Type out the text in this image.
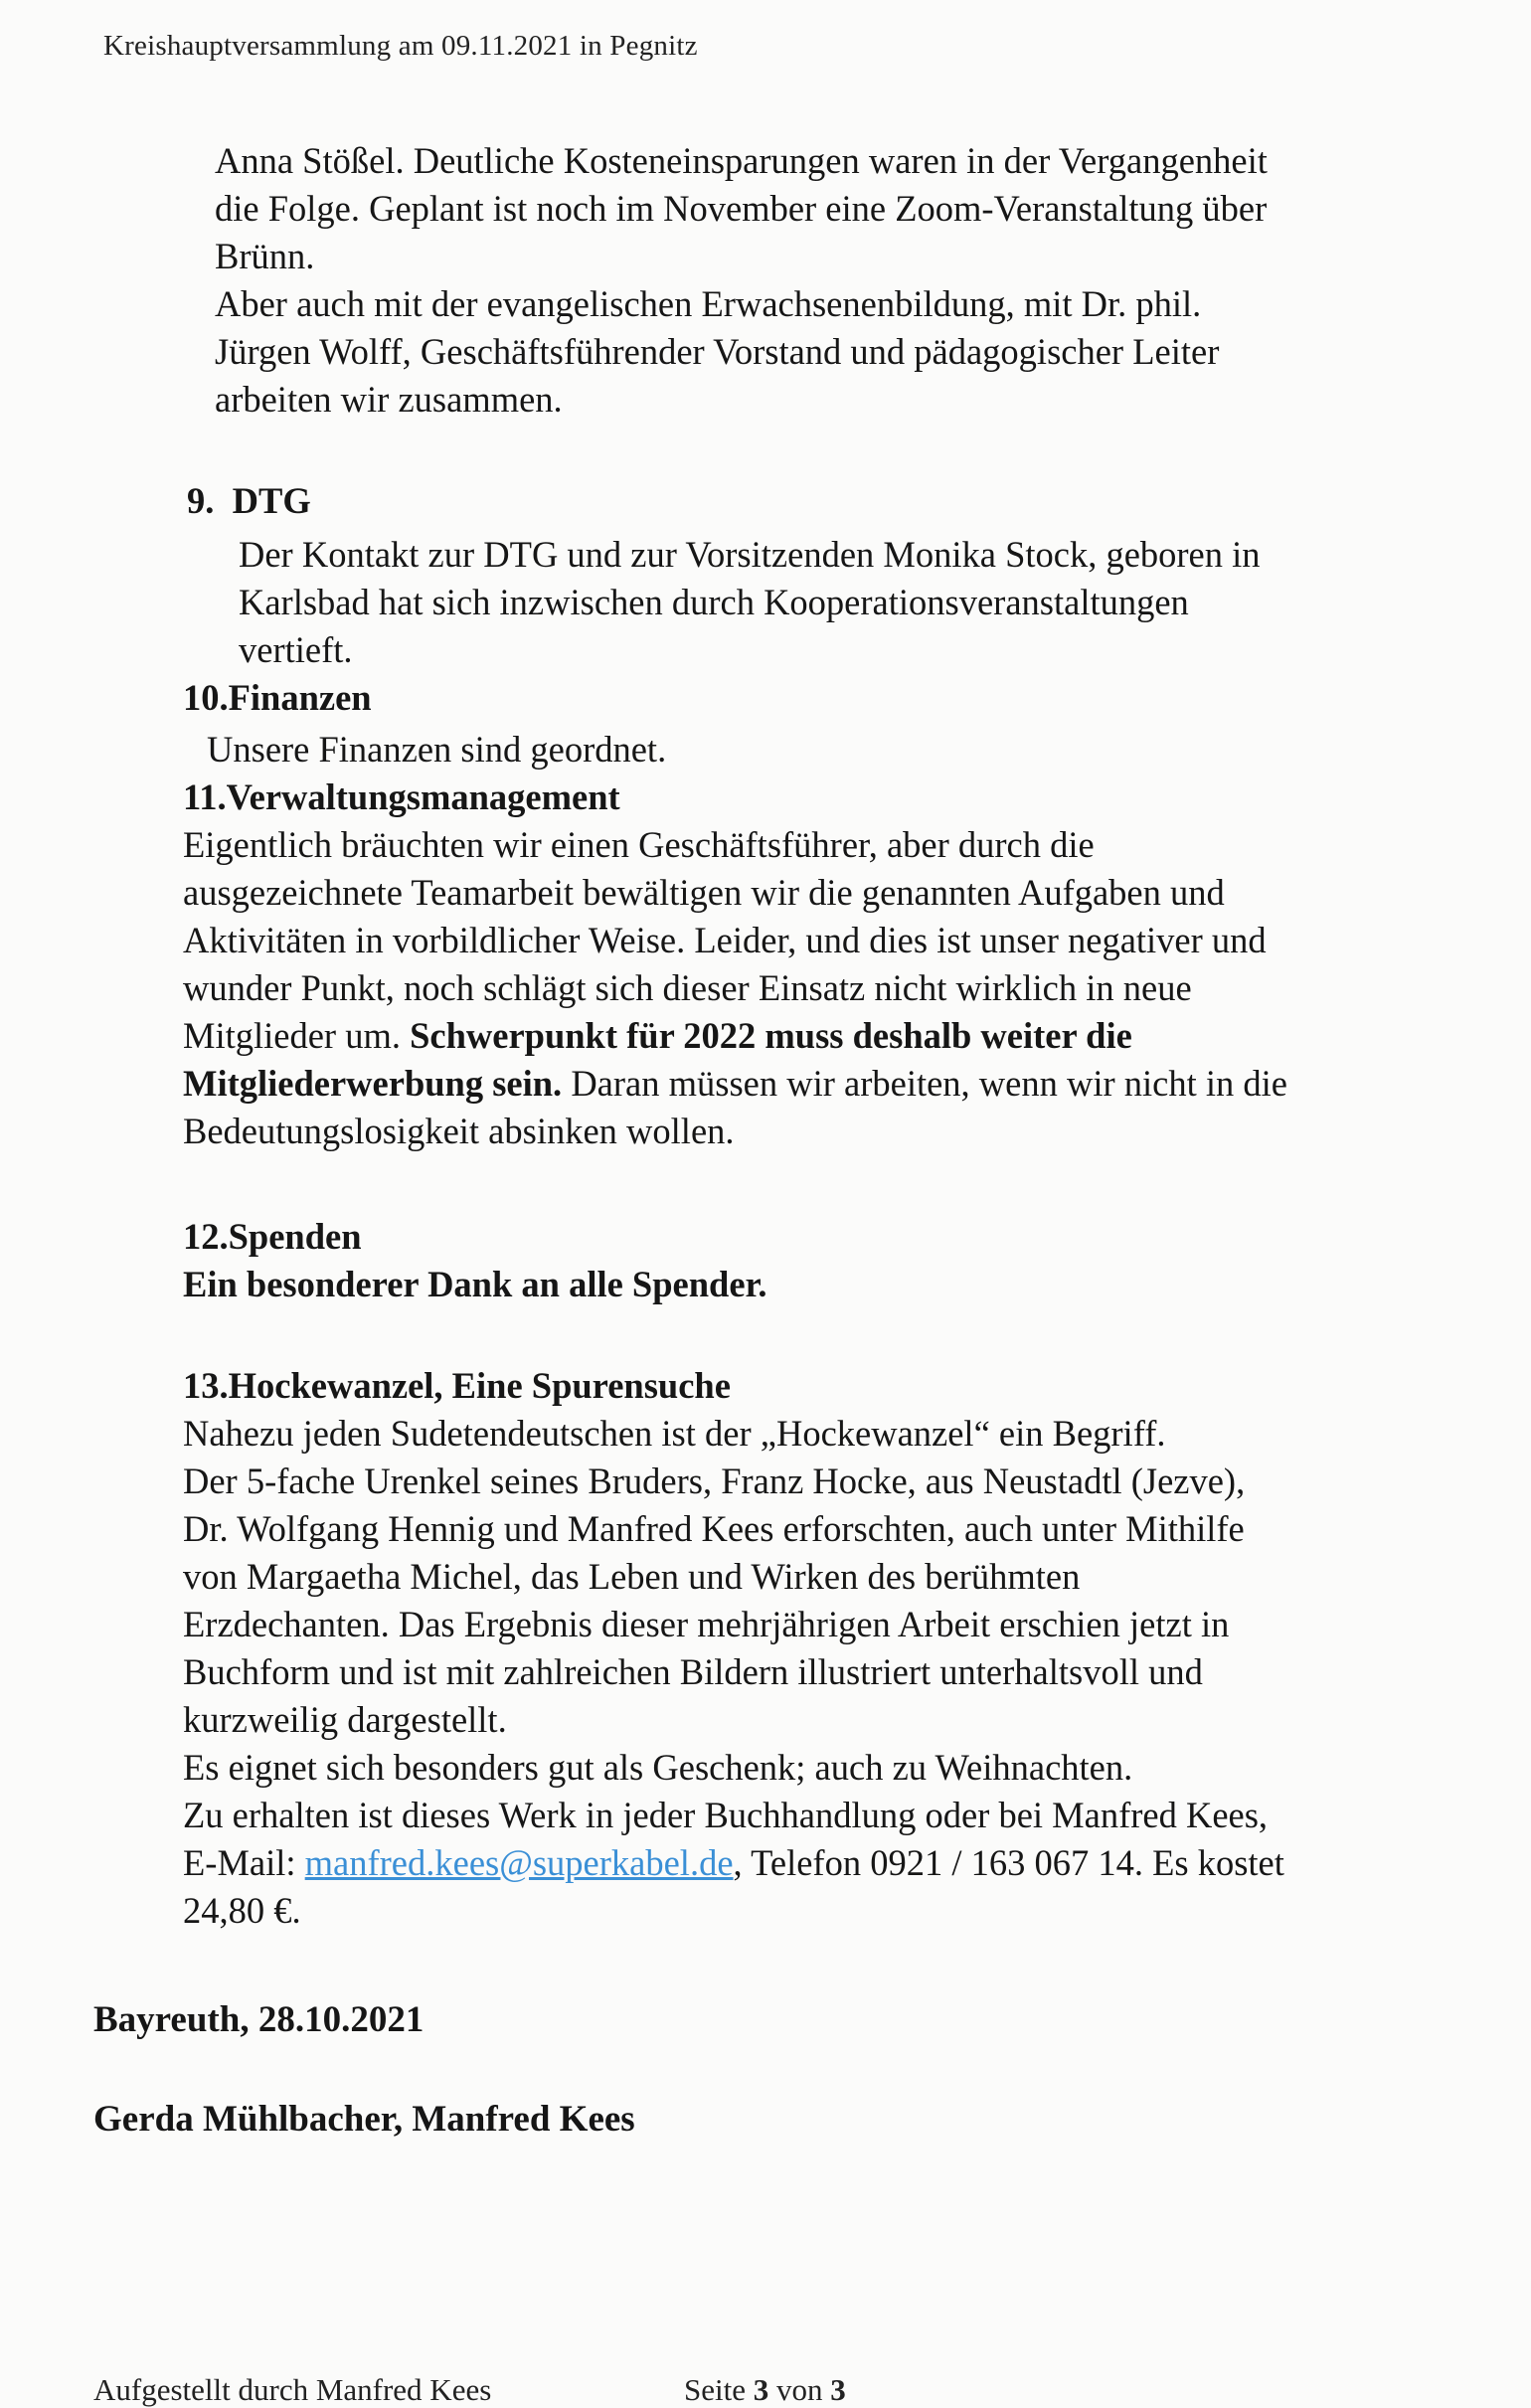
Kreishauptversammlung am 09.11.2021 in Pegnitz

Anna Stößel. Deutliche Kosteneinsparungen waren in der Vergangenheit

die Folge. Geplant ist noch im November eine Zoom-Veranstaltung über

Brünn.

Aber auch mit der evangelischen Erwachsenenbildung, mit Dr. phil.

Jürgen Wolff, Geschäftsführender Vorstand und pädagogischer Leiter

arbeiten wir zusammen.

9.  DTG

Der Kontakt zur DTG und zur Vorsitzenden Monika Stock, geboren in

Karlsbad hat sich inzwischen durch Kooperationsveranstaltungen

vertieft.

10.Finanzen

Unsere Finanzen sind geordnet.

11.Verwaltungsmanagement

Eigentlich bräuchten wir einen Geschäftsführer, aber durch die

ausgezeichnete Teamarbeit bewältigen wir die genannten Aufgaben und

Aktivitäten in vorbildlicher Weise. Leider, und dies ist unser negativer und

wunder Punkt, noch schlägt sich dieser Einsatz nicht wirklich in neue

Mitglieder um. Schwerpunkt für 2022 muss deshalb weiter die

Mitgliederwerbung sein. Daran müssen wir arbeiten, wenn wir nicht in die

Bedeutungslosigkeit absinken wollen.

12.Spenden

Ein besonderer Dank an alle Spender.

13.Hockewanzel, Eine Spurensuche

Nahezu jeden Sudetendeutschen ist der „Hockewanzel“ ein Begriff.

Der 5-fache Urenkel seines Bruders, Franz Hocke, aus Neustadtl (Jezve),

Dr. Wolfgang Hennig und Manfred Kees erforschten, auch unter Mithilfe

von Margaetha Michel, das Leben und Wirken des berühmten

Erzdechanten. Das Ergebnis dieser mehrjährigen Arbeit erschien jetzt in

Buchform und ist mit zahlreichen Bildern illustriert unterhaltsvoll und

kurzweilig dargestellt.

Es eignet sich besonders gut als Geschenk; auch zu Weihnachten.

Zu erhalten ist dieses Werk in jeder Buchhandlung oder bei Manfred Kees,

E-Mail: manfred.kees@superkabel.de, Telefon 0921 / 163 067 14. Es kostet

24,80 €.

Bayreuth, 28.10.2021
Gerda Mühlbacher, Manfred Kees
Aufgestellt durch Manfred Kees	Seite 3 von 3
